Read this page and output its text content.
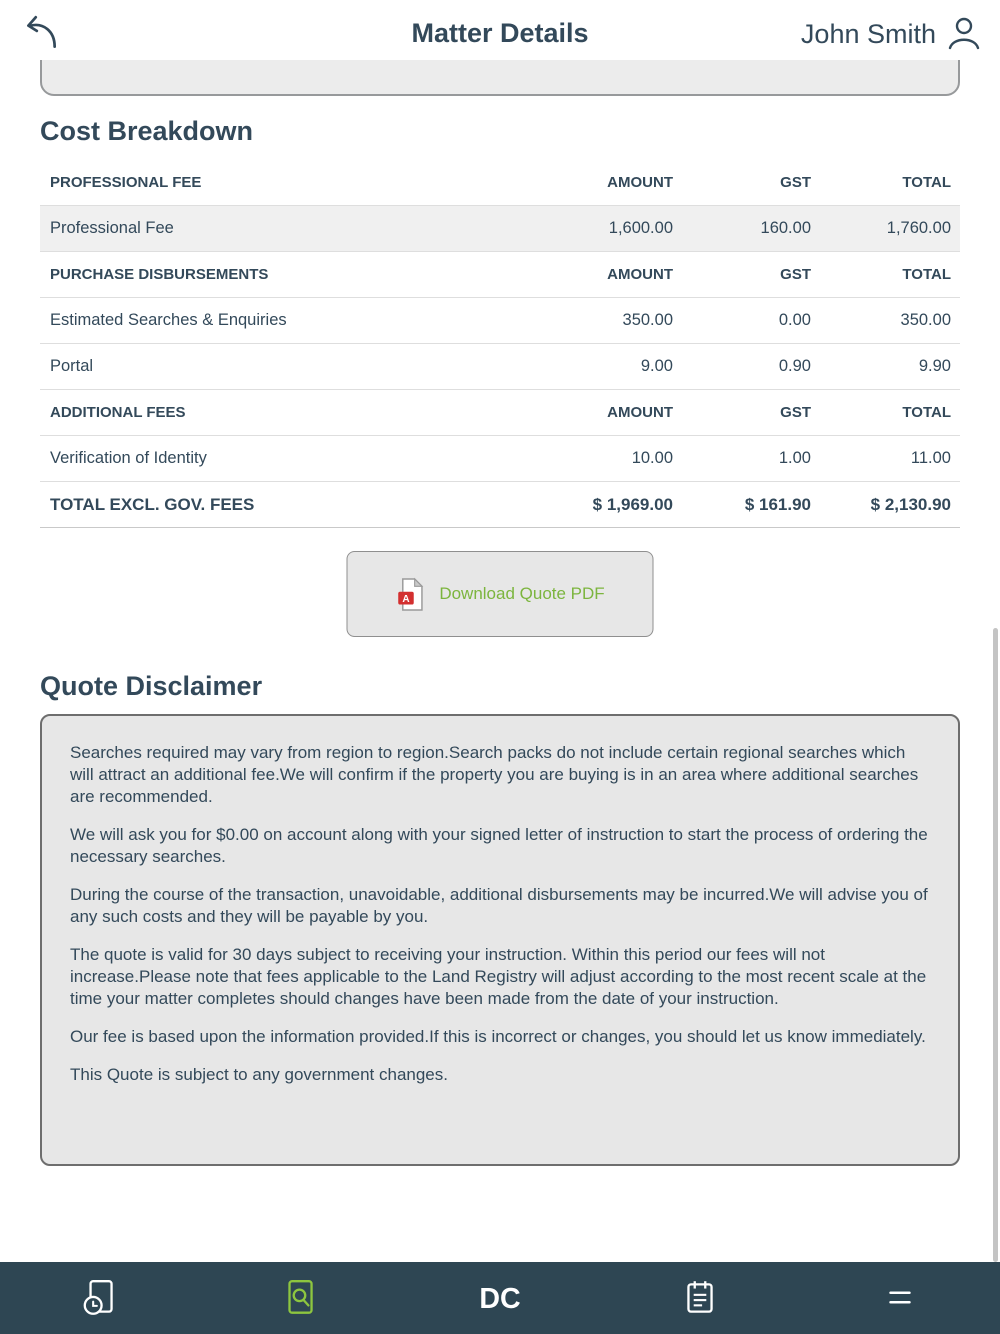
Matter Details	John Smith
Cost Breakdown
PROFESSIONAL FEE	AMOUNT	GST	TOTAL
Professional Fee	1,600.00	160.00	1,760.00
PURCHASE DISBURSEMENTS	AMOUNT	GST	TOTAL
Estimated Searches & Enquiries	350.00	0.00	350.00
Portal	9.00	0.90	9.90
ADDITIONAL FEES	AMOUNT	GST	TOTAL
Verification of Identity	10.00	1.00	11.00
TOTAL EXCL. GOV. FEES	$ 1,969.00	$ 161.90	$ 2,130.90
A Download Quote PDF
Quote Disclaimer

Searches required may vary from region to region.Search packs do not include certain regional searches which will attract an additional fee.We will confirm if the property you are buying is in an area where additional searches are recommended.

We will ask you for $0.00 on account along with your signed letter of instruction to start the process of ordering the necessary searches.

During the course of the transaction, unavoidable, additional disbursements may be incurred.We will advise you of any such costs and they will be payable by you.

The quote is valid for 30 days subject to receiving your instruction. Within this period our fees will not increase.Please note that fees applicable to the Land Registry will adjust according to the most recent scale at the time your matter completes should changes have been made from the date of your instruction.

Our fee is based upon the information provided.If this is incorrect or changes, you should let us know immediately.

This Quote is subject to any government changes.

DC
